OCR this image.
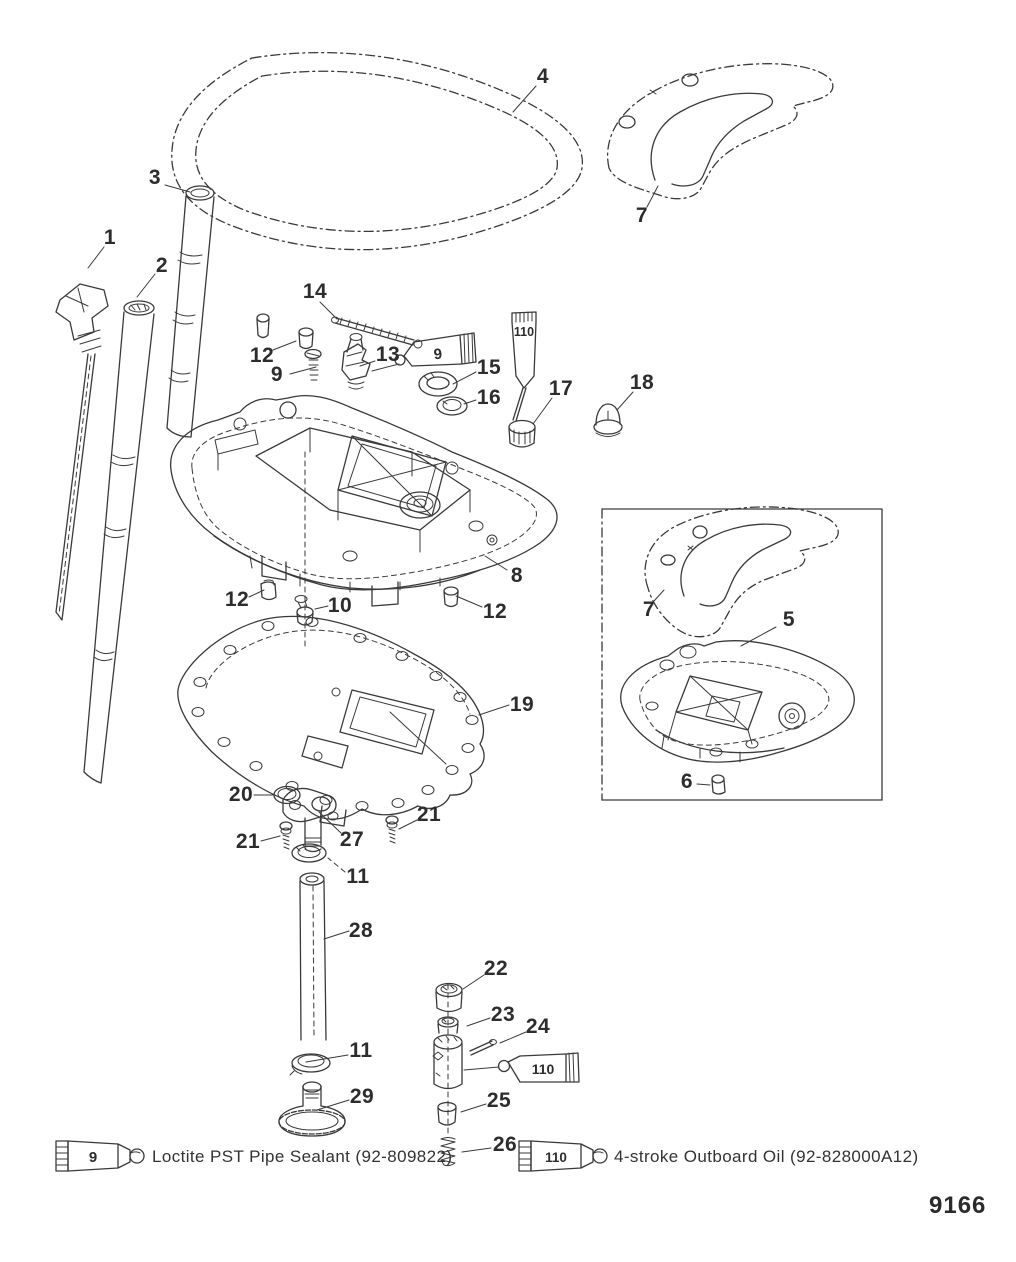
9
110
110
9	110
1
2
3
4
7
14
12
9
13
15
16 17	18
8
12	10	12
19
20
21	27
21
11
28
22
23
24
25
26
11
29
5
6
7
Loctite PST Pipe Sealant (92-809822)	4-stroke Outboard Oil (92-828000A12)
9166
